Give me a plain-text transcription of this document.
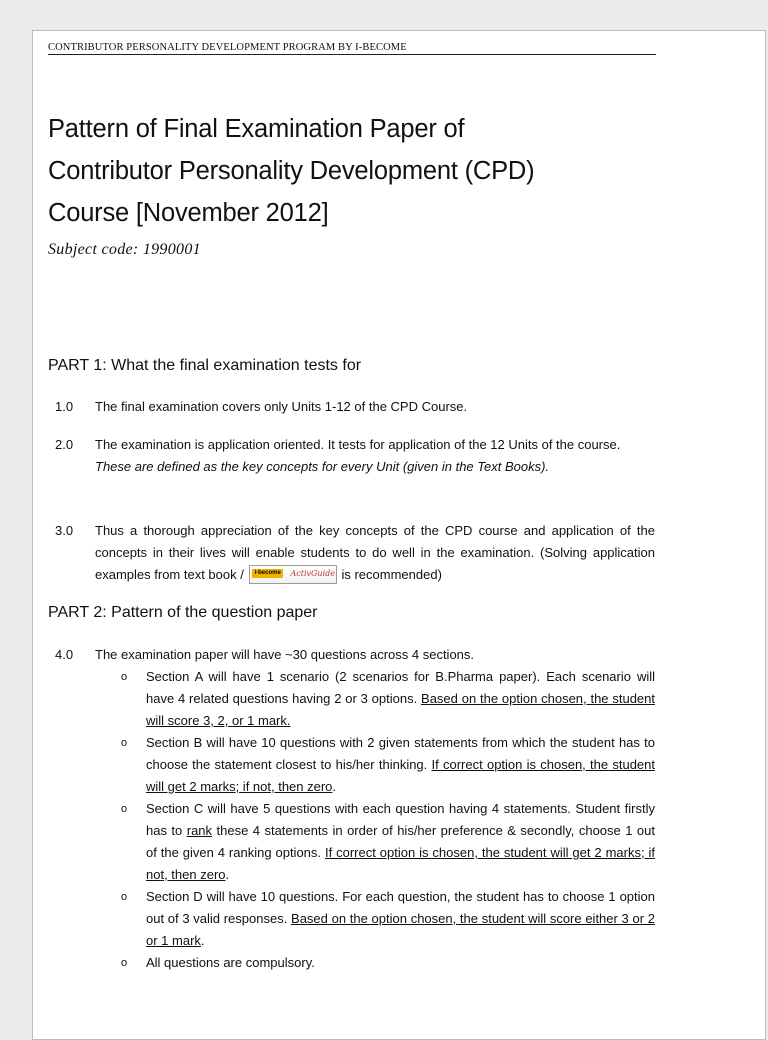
CONTRIBUTOR PERSONALITY DEVELOPMENT PROGRAM BY I-BECOME
Pattern of Final Examination Paper of
Contributor Personality Development (CPD)
Course [November 2012]
Subject code: 1990001
PART 1: What the final examination tests for
1.0 The final examination covers only Units 1-12 of the CPD Course.
2.0 The examination is application oriented. It tests for application of the 12 Units of the course.
These are defined as the key concepts for every Unit (given in the Text Books).
3.0 Thus a thorough appreciation of the key concepts of the CPD course and application of the concepts in their lives will enable students to do well in the examination. (Solving application examples from text book /	i-become ActivGuide is recommended)
PART 2: Pattern of the question paper
4.0 The examination paper will have ~30 questions across 4 sections.
o Section A will have 1 scenario (2 scenarios for B.Pharma paper). Each scenario will have 4 related questions having 2 or 3 options. Based on the option chosen, the student will score 3, 2, or 1 mark.
o Section B will have 10 questions with 2 given statements from which the student has to choose the statement closest to his/her thinking. If correct option is chosen, the student will get 2 marks; if not, then zero.
o Section C will have 5 questions with each question having 4 statements. Student firstly has to rank these 4 statements in order of his/her preference & secondly, choose 1 out of the given 4 ranking options. If correct option is chosen, the student will get 2 marks; if not, then zero.
o Section D will have 10 questions. For each question, the student has to choose 1 option out of 3 valid responses. Based on the option chosen, the student will score either 3 or 2 or 1 mark.
o All questions are compulsory.
